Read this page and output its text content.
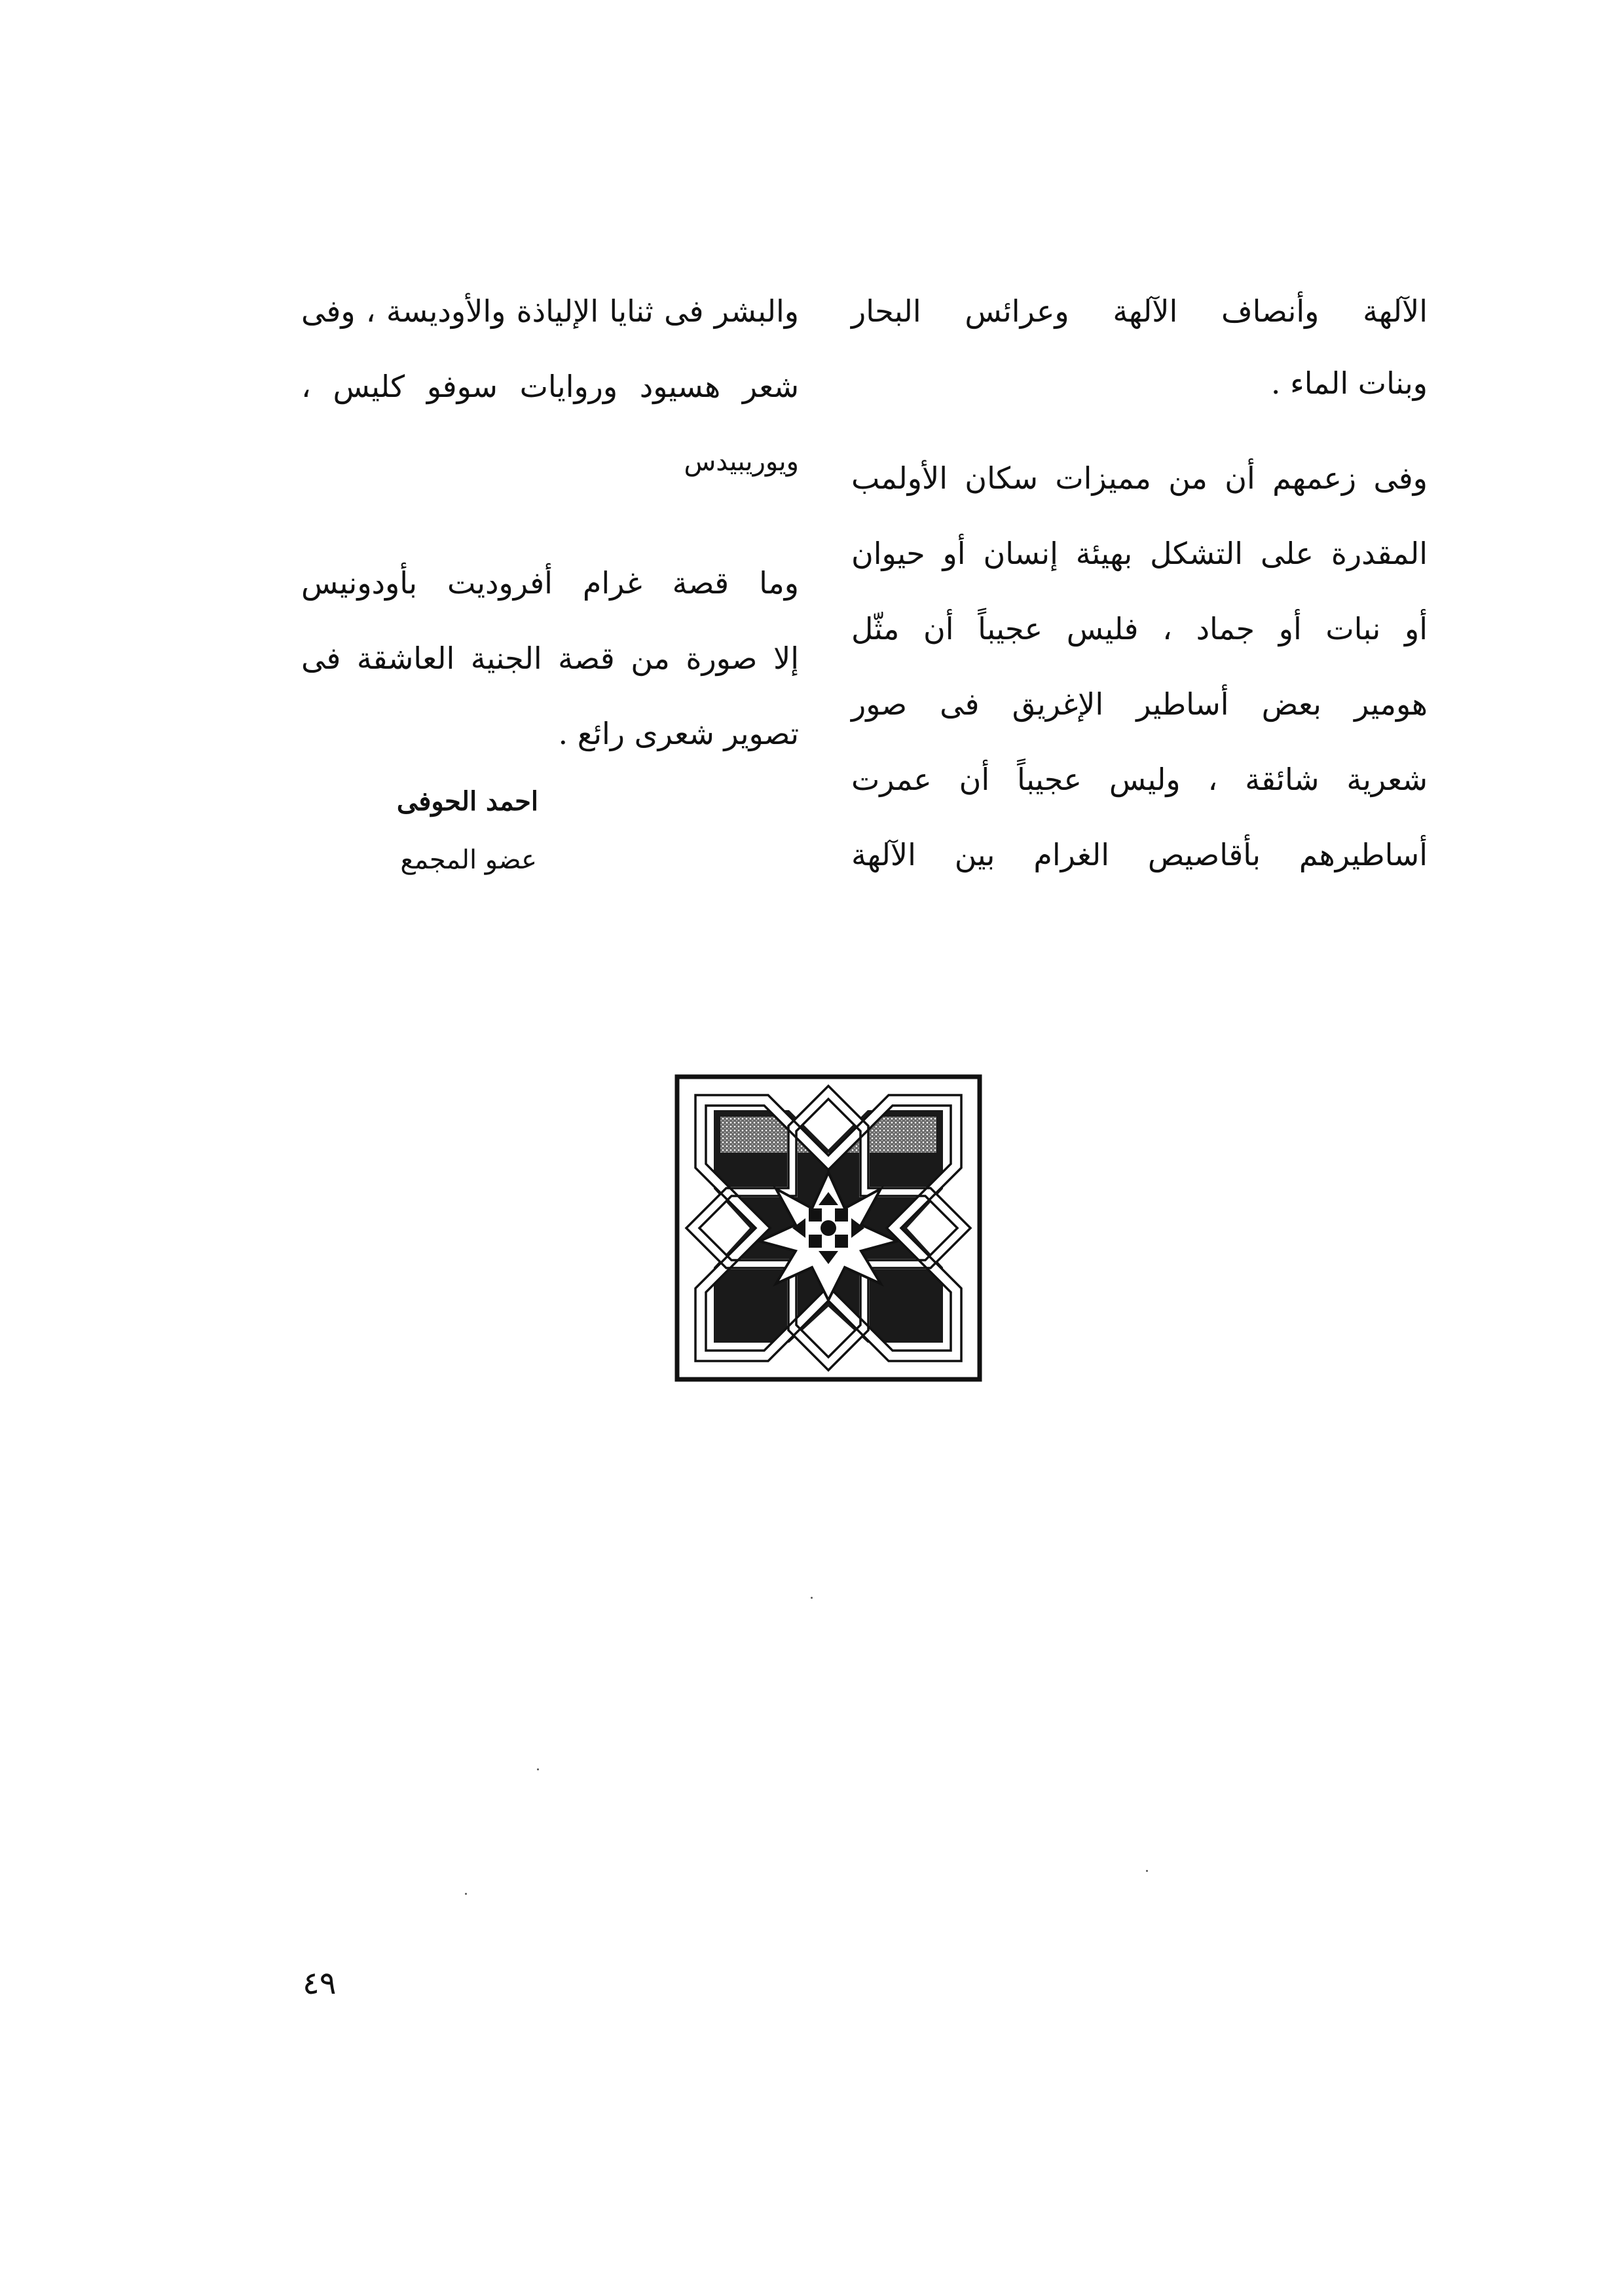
الآلهة وأنصاف الآلهة وعرائس البحار
وبنات الماء .
وفى زعمهم أن من مميزات سكان الأولمب
المقدرة على التشكل بهيئة إنسان أو حيوان
أو نبات أو جماد ، فليس عجيباً أن مثّل
هومير بعض أساطير الإغريق فى صور
شعرية شائقة ، وليس عجيباً أن عمرت
أساطيرهم بأقاصيص الغرام بين الآلهة
والبشر فى ثنايا الإلياذة والأوديسة ، وفى
شعر هسيود وروايات سوفو كليس ،
ويوريبيدس
وما قصة غرام أفروديت بأودونيس
إلا صورة من قصة الجنية العاشقة فى
تصوير شعرى رائع .
احمد الحوفى
عضو المجمع
٤٩
